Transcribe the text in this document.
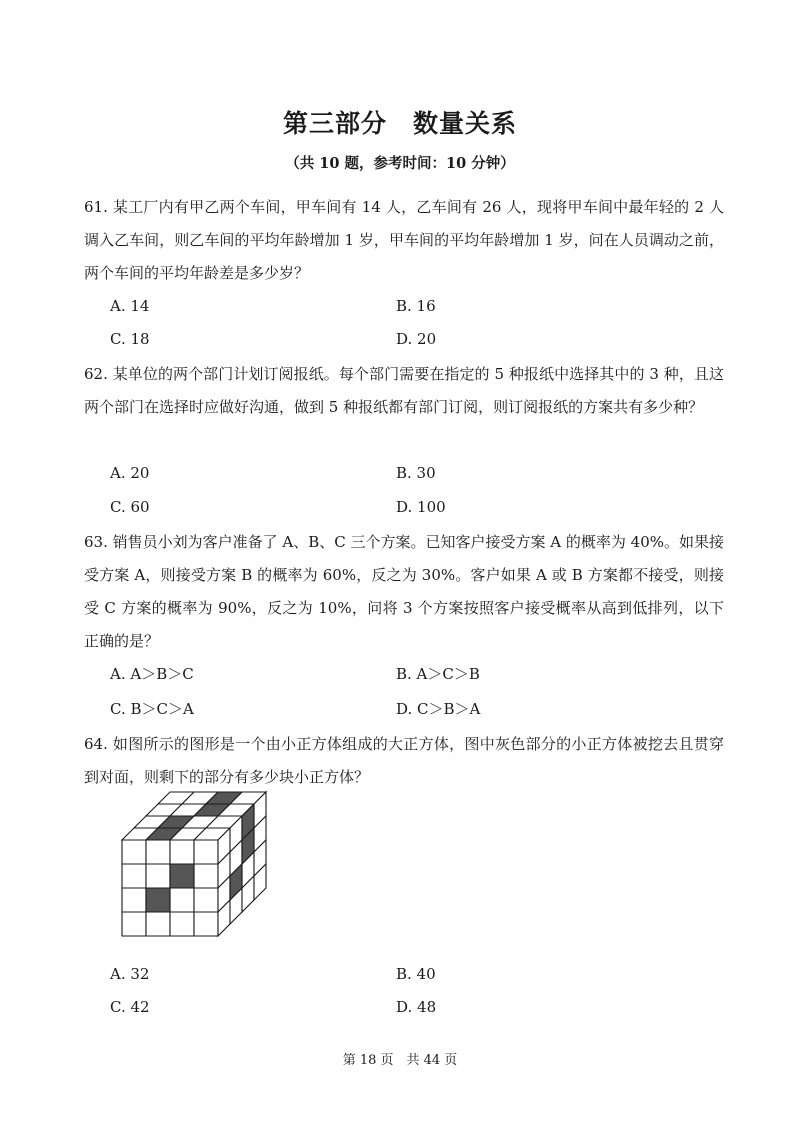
第三部分　数量关系
（共 10 题，参考时间：10 分钟）
61. 某工厂内有甲乙两个车间，甲车间有 14 人，乙车间有 26 人，现将甲车间中最年轻的 2 人调入乙车间，则乙车间的平均年龄增加 1 岁，甲车间的平均年龄增加 1 岁，问在人员调动之前，两个车间的平均年龄差是多少岁？
A. 14	B. 16
C. 18	D. 20
62. 某单位的两个部门计划订阅报纸。每个部门需要在指定的 5 种报纸中选择其中的 3 种，且这两个部门在选择时应做好沟通，做到 5 种报纸都有部门订阅，则订阅报纸的方案共有多少种？
A. 20	B. 30
C. 60	D. 100
63. 销售员小刘为客户准备了 A、B、C 三个方案。已知客户接受方案 A 的概率为 40%。如果接受方案 A，则接受方案 B 的概率为 60%，反之为 30%。客户如果 A 或 B 方案都不接受，则接受 C 方案的概率为 90%，反之为 10%，问将 3 个方案按照客户接受概率从高到低排列，以下正确的是？
A. A＞B＞C	B. A＞C＞B
C. B＞C＞A	D. C＞B＞A
64. 如图所示的图形是一个由小正方体组成的大正方体，图中灰色部分的小正方体被挖去且贯穿到对面，则剩下的部分有多少块小正方体？
A. 32	B. 40
C. 42	D. 48
第 18 页　共 44 页
